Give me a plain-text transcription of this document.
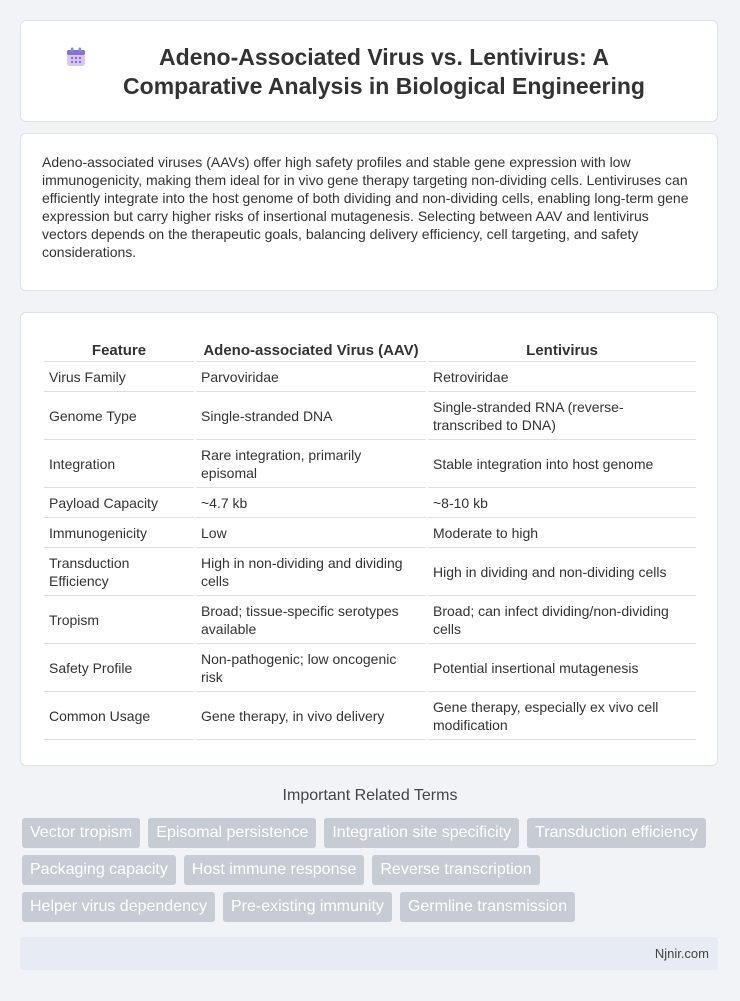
Adeno-Associated Virus vs. Lentivirus: A Comparative Analysis in Biological Engineering

Adeno-associated viruses (AAVs) offer high safety profiles and stable gene expression with low immunogenicity, making them ideal for in vivo gene therapy targeting non-dividing cells. Lentiviruses can efficiently integrate into the host genome of both dividing and non-dividing cells, enabling long-term gene expression but carry higher risks of insertional mutagenesis. Selecting between AAV and lentivirus vectors depends on the therapeutic goals, balancing delivery efficiency, cell targeting, and safety considerations.

Feature	Adeno-associated Virus (AAV)	Lentivirus
Virus Family	Parvoviridae	Retroviridae
Genome Type	Single-stranded DNA	Single-stranded RNA (reverse-transcribed to DNA)
Integration	Rare integration, primarily episomal	Stable integration into host genome
Payload Capacity	~4.7 kb	~8-10 kb
Immunogenicity	Low	Moderate to high
Transduction Efficiency	High in non-dividing and dividing cells	High in dividing and non-dividing cells
Tropism	Broad; tissue-specific serotypes available	Broad; can infect dividing/non-dividing cells
Safety Profile	Non-pathogenic; low oncogenic risk	Potential insertional mutagenesis
Common Usage	Gene therapy, in vivo delivery	Gene therapy, especially ex vivo cell modification
Important Related Terms
Vector tropism	Episomal persistence	Integration site specificity	Transduction efficiency
Packaging capacity	Host immune response	Reverse transcription
Helper virus dependency	Pre-existing immunity	Germline transmission
Njnir.com
